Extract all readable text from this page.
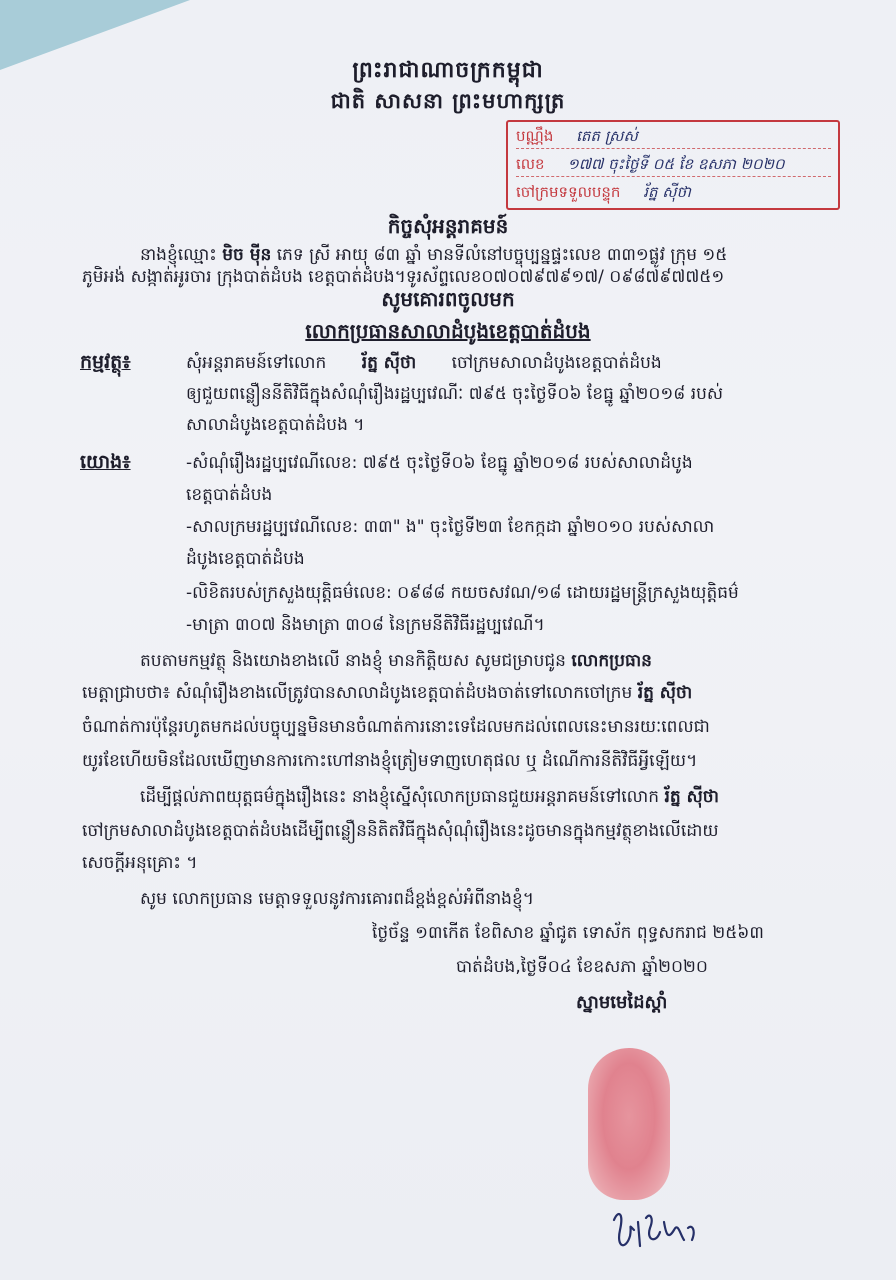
ព្រះរាជាណាចក្រកម្ពុជា
ជាតិ សាសនា ព្រះមហាក្សត្រ
បណ្ណឹង តេត ស្រស់
លេខ ១៧៧ ចុះថ្ងៃទី ០៥ ខែ ឧសភា ២០២០
ចៅក្រមទទួលបន្ទុក រ័ត្ន ស៊ីថា
កិច្ចសុំអន្តរាគមន៍
នាងខ្ញុំឈ្មោះ មិច មុីន ភេទ ស្រី អាយុ ៨៣ ឆ្នាំ មានទីលំនៅបច្ចុប្បន្នផ្ទះលេខ ៣៣១ផ្លូវ ក្រុម ១៥
ភូមិអង់ សង្កាត់អូរចារ ក្រុងបាត់ដំបង ខេត្តបាត់ដំបង។ទូរស័ព្ទលេខ០៧០៧៩៧៩១៧/ ០៩៨៧៩៧៧៥១
សូមគោរពចូលមក
លោកប្រធានសាលាដំបូងខេត្តបាត់ដំបង
កម្មវត្ថុ៖	សុំអន្តរាគមន៍ទៅលោក រ័ត្ន ស៊ីថា ចៅក្រមសាលាដំបូងខេត្តបាត់ដំបង
ឲ្យជួយពន្លឿននីតិវិធីក្នុងសំណុំរឿងរដ្ឋប្បវេណីៈ ៧៩៥ ចុះថ្ងៃទី០៦ ខែធ្នូ ឆ្នាំ២០១៨ របស់
សាលាដំបូងខេត្តបាត់ដំបង ។
យោង៖	-សំណុំរឿងរដ្ឋប្បវេណីលេខ: ៧៩៥ ចុះថ្ងៃទី០៦ ខែធ្នូ ឆ្នាំ២០១៨ របស់សាលាដំបូង
ខេត្តបាត់ដំបង
-សាលក្រមរដ្ឋប្បវេណីលេខ: ៣៣" ង" ចុះថ្ងៃទី២៣ ខែកក្កដា ឆ្នាំ២០១០ របស់សាលា
ដំបូងខេត្តបាត់ដំបង
-លិខិតរបស់ក្រសួងយុត្តិធម៌លេខ: ០៩៨៨ កយចសវណ/១៨ ដោយរដ្ឋមន្រ្តីក្រសួងយុត្តិធម៌
-មាត្រា ៣០៧ និងមាត្រា ៣០៨ នៃក្រមនីតិវិធីរដ្ឋប្បវេណី។
តបតាមកម្មវត្ថុ និងយោងខាងលើ នាងខ្ញុំ មានកិត្តិយស សូមជម្រាបជូន លោកប្រធាន
មេត្តាជ្រាបថា៖ សំណុំរឿងខាងលើត្រូវបានសាលាដំបូងខេត្តបាត់ដំបងចាត់ទៅលោកចៅក្រម រ័ត្ន ស៊ីថា
ចំណាត់ការប៉ុន្តែរហូតមកដល់បច្ចុប្បន្នមិនមានចំណាត់ការនោះទេដែលមកដល់ពេលនេះមានរយៈពេលជា
យូរខែហើយមិនដែលឃើញមានការកោះហៅនាងខ្ញុំត្រៀមទាញហេតុផល ឬ ដំណើការនីតិវិធីអ្វីឡើយ។
ដើម្បីផ្តល់ភាពយុត្តធម៌ក្នុងរឿងនេះ នាងខ្ញុំស្នើសុំលោកប្រធានជួយអន្តរាគមន៍ទៅលោក រ័ត្ន ស៊ីថា
ចៅក្រមសាលាដំបូងខេត្តបាត់ដំបងដើម្បីពន្លឿននិតិតវិធីក្នុងសុំណុំរឿងនេះដូចមានក្នុងកម្មវត្ថុខាងលើដោយ
សេចក្តីអនុគ្រោះ ។
សូម លោកប្រធាន មេត្តាទទួលនូវការគោរពដ៏ខ្ពង់ខ្ពស់អំពីនាងខ្ញុំ។
ថ្ងៃច័ន្ទ ១៣កើត ខែពិសាខ ឆ្នាំជូត ទោស័ក ពុទ្ធសករាជ ២៥៦៣
បាត់ដំបង,ថ្ងៃទី០៤ ខែឧសភា ឆ្នាំ២០២០
ស្នាមមេដៃស្តាំ
